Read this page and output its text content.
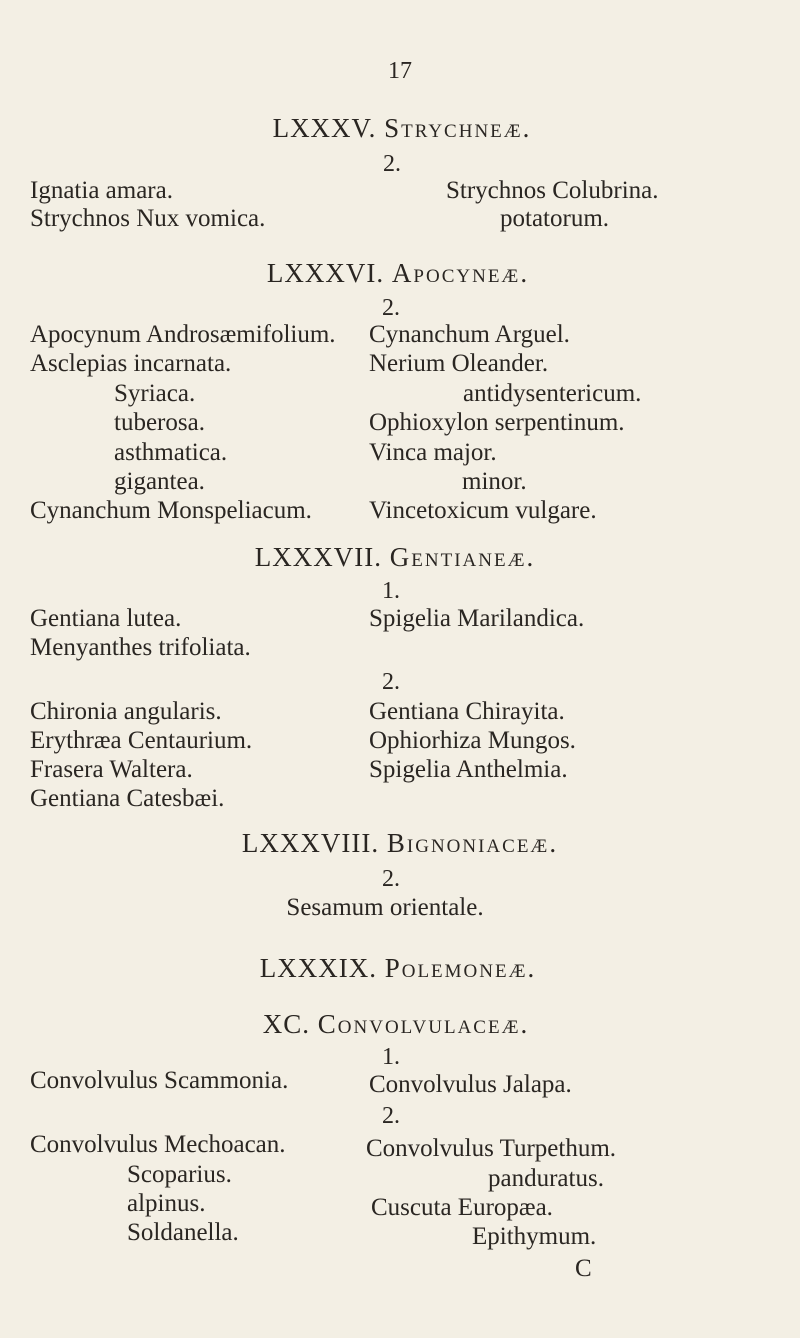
17
LXXXV. Strychneæ.
2.
Ignatia amara.
Strychnos Nux vomica.
Strychnos Colubrina.
potatorum.
LXXXVI. Apocyneæ.
2.
Apocynum Androsæmifolium.
Asclepias incarnata.
Syriaca.
tuberosa.
asthmatica.
gigantea.
Cynanchum Monspeliacum.
Cynanchum Arguel.
Nerium Oleander.
antidysentericum.
Ophioxylon serpentinum.
Vinca major.
minor.
Vincetoxicum vulgare.
LXXXVII. Gentianeæ.
1.
Gentiana lutea.
Menyanthes trifoliata.
Spigelia Marilandica.
2.
Chironia angularis.
Erythræa Centaurium.
Frasera Waltera.
Gentiana Catesbæi.
Gentiana Chirayita.
Ophiorhiza Mungos.
Spigelia Anthelmia.
LXXXVIII. Bignoniaceæ.
2.
Sesamum orientale.
LXXXIX. Polemoneæ.
XC. Convolvulaceæ.
1.
Convolvulus Scammonia.	Convolvulus Jalapa.
2.
Convolvulus Mechoacan.
Scoparius.
alpinus.
Soldanella.
Convolvulus Turpethum.
panduratus.
Cuscuta Europæa.
Epithymum.
C
